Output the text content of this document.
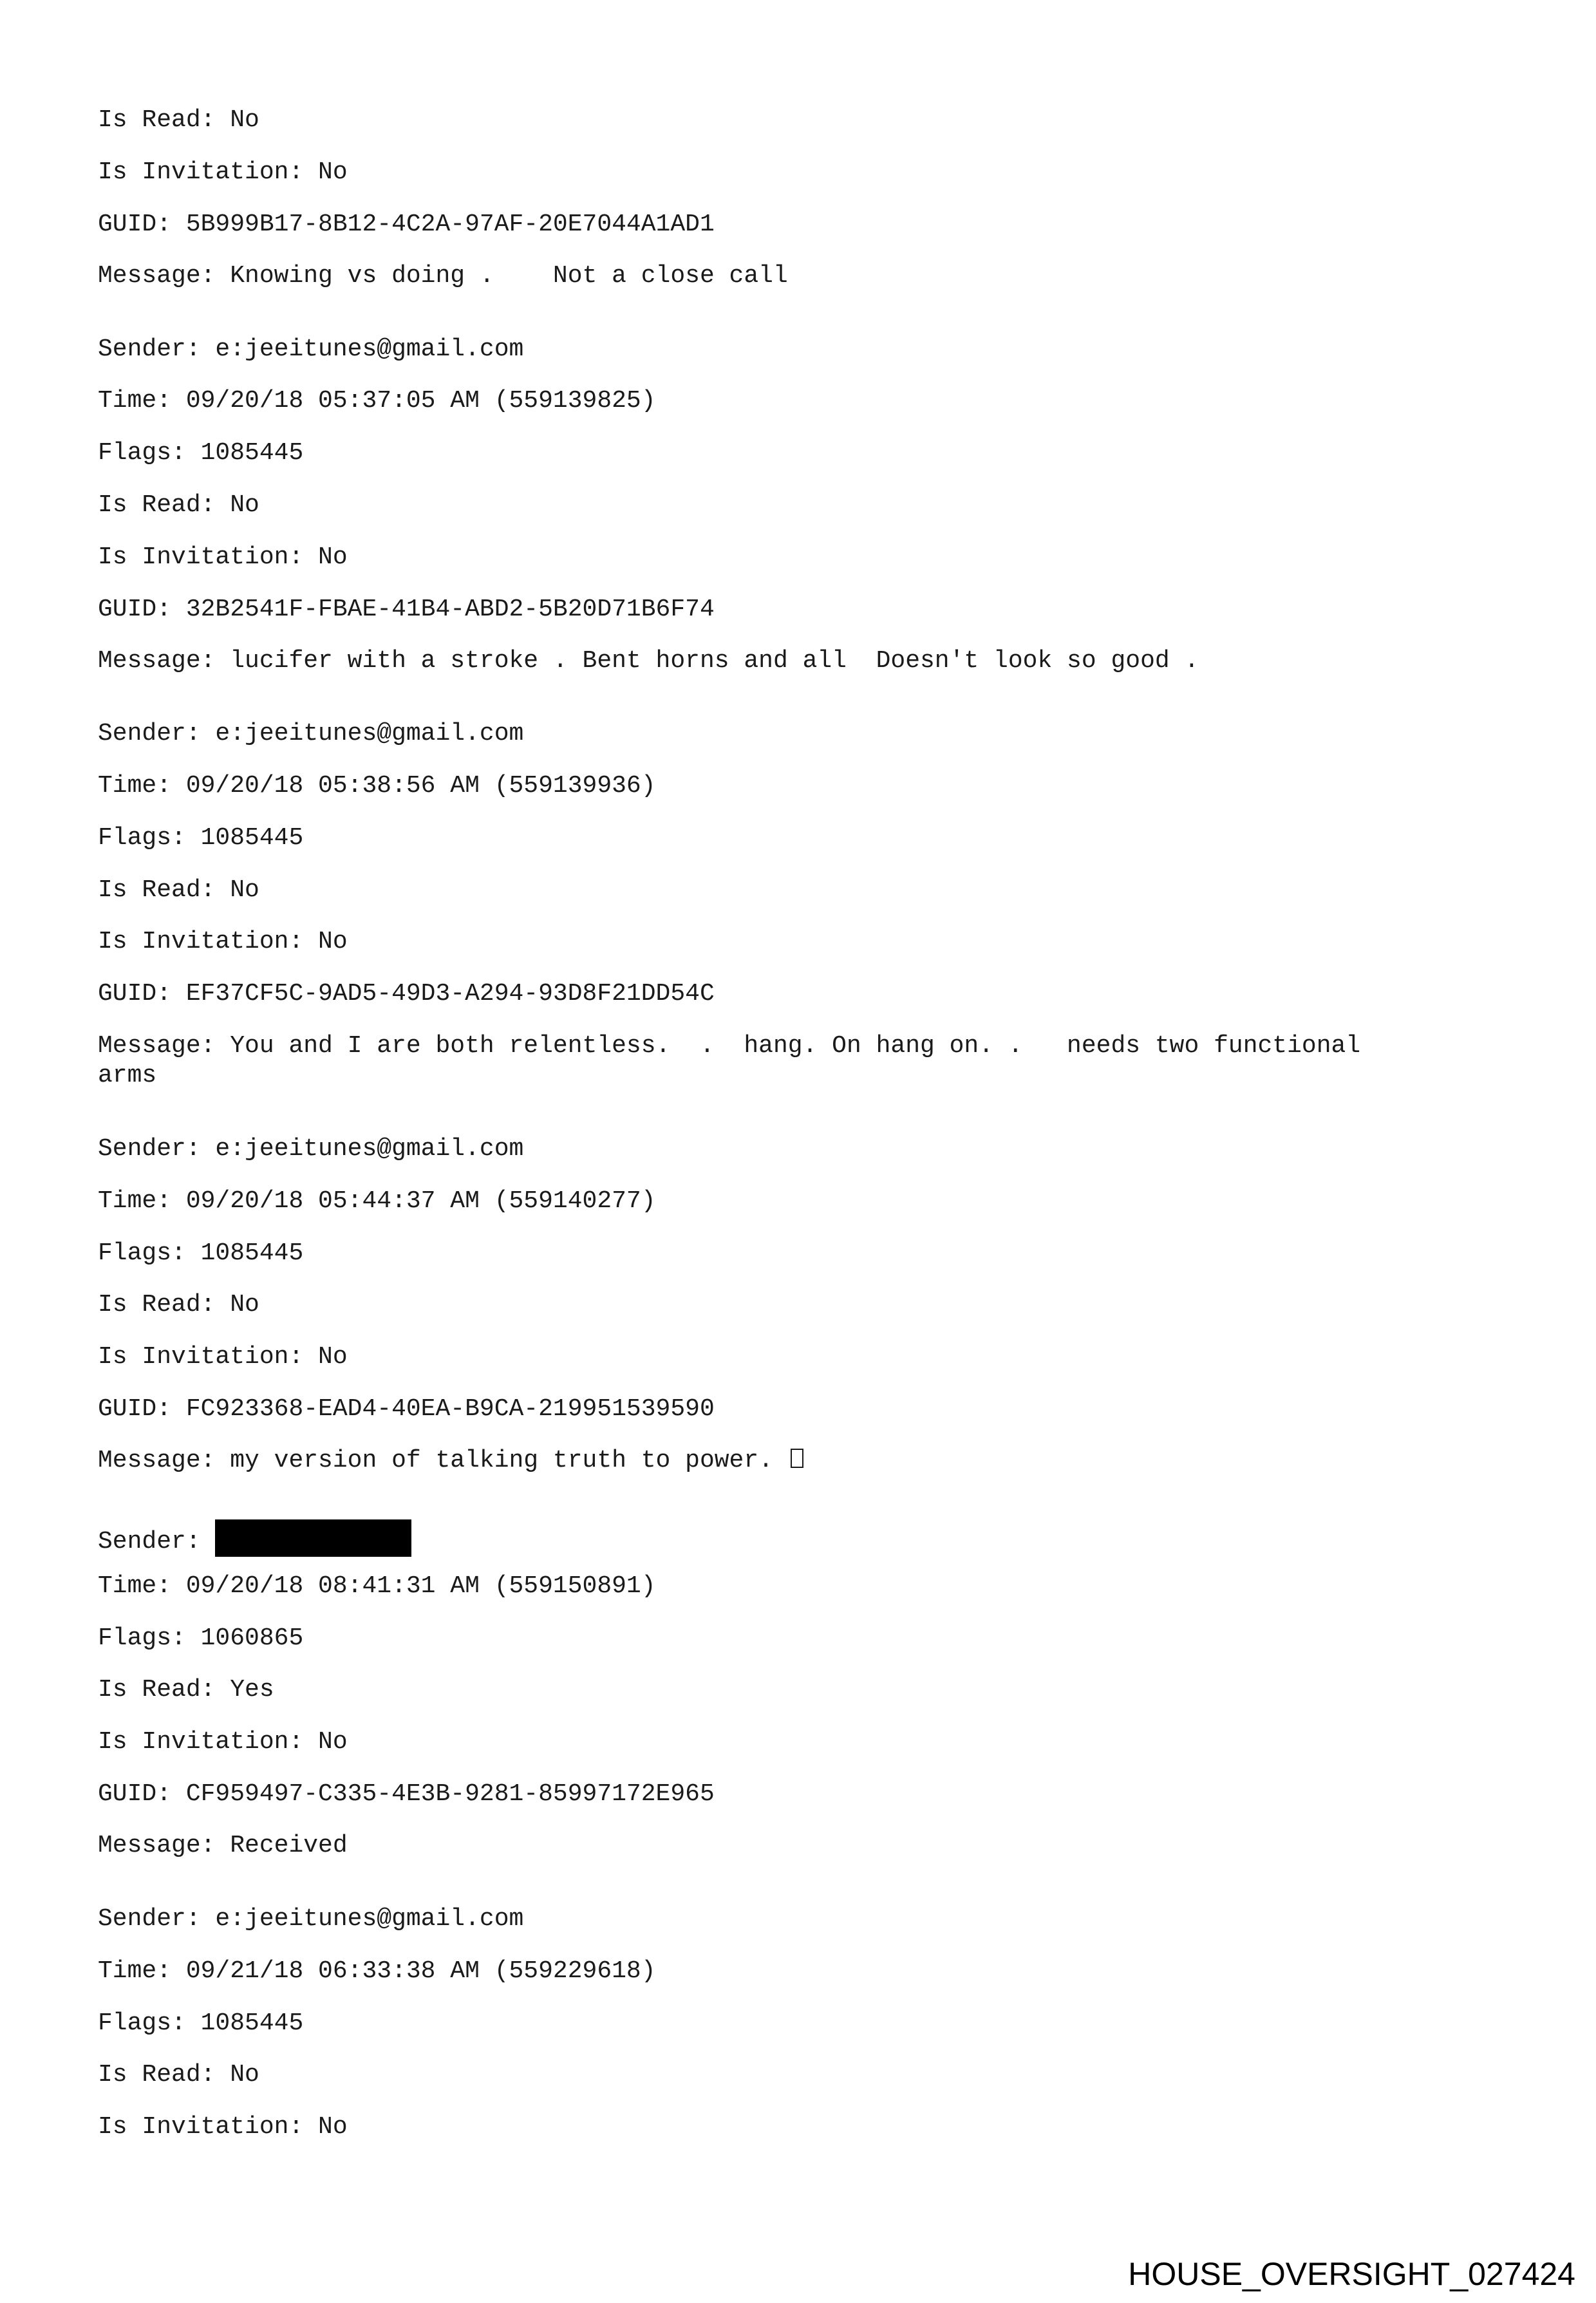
Is Read: No
Is Invitation: No
GUID: 5B999B17-8B12-4C2A-97AF-20E7044A1AD1
Message: Knowing vs doing .    Not a close call
Sender: e:jeeitunes@gmail.com
Time: 09/20/18 05:37:05 AM (559139825)
Flags: 1085445
Is Read: No
Is Invitation: No
GUID: 32B2541F-FBAE-41B4-ABD2-5B20D71B6F74
Message: lucifer with a stroke . Bent horns and all  Doesn't look so good .
Sender: e:jeeitunes@gmail.com
Time: 09/20/18 05:38:56 AM (559139936)
Flags: 1085445
Is Read: No
Is Invitation: No
GUID: EF37CF5C-9AD5-49D3-A294-93D8F21DD54C
Message: You and I are both relentless.  .  hang. On hang on. .   needs two functional
arms
Sender: e:jeeitunes@gmail.com
Time: 09/20/18 05:44:37 AM (559140277)
Flags: 1085445
Is Read: No
Is Invitation: No
GUID: FC923368-EAD4-40EA-B9CA-219951539590
Message: my version of talking truth to power.
Sender:
Time: 09/20/18 08:41:31 AM (559150891)
Flags: 1060865
Is Read: Yes
Is Invitation: No
GUID: CF959497-C335-4E3B-9281-85997172E965
Message: Received
Sender: e:jeeitunes@gmail.com
Time: 09/21/18 06:33:38 AM (559229618)
Flags: 1085445
Is Read: No
Is Invitation: No
HOUSE_OVERSIGHT_027424
